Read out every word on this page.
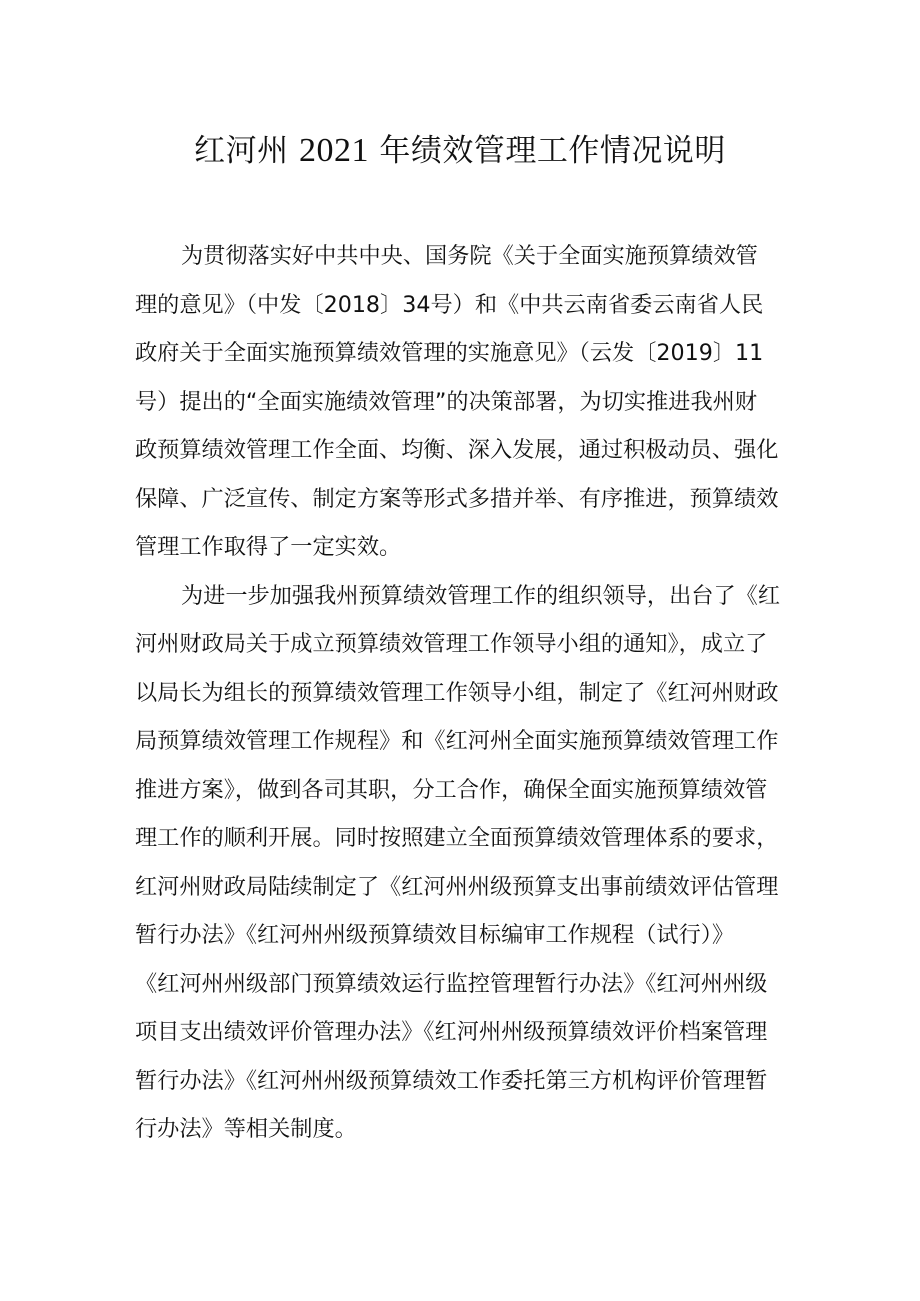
红河州 2021 年绩效管理工作情况说明
为贯彻落实好中共中央、国务院《关于全面实施预算绩效管
理的意见》（中发〔2018〕34号）和《中共云南省委云南省人民
政府关于全面实施预算绩效管理的实施意见》（云发〔2019〕11
号）提出的“全面实施绩效管理”的决策部署，为切实推进我州财
政预算绩效管理工作全面、均衡、深入发展，通过积极动员、强化
保障、广泛宣传、制定方案等形式多措并举、有序推进，预算绩效
管理工作取得了一定实效。
为进一步加强我州预算绩效管理工作的组织领导，出台了《红
河州财政局关于成立预算绩效管理工作领导小组的通知》，成立了
以局长为组长的预算绩效管理工作领导小组，制定了《红河州财政
局预算绩效管理工作规程》和《红河州全面实施预算绩效管理工作
推进方案》，做到各司其职，分工合作，确保全面实施预算绩效管
理工作的顺利开展。同时按照建立全面预算绩效管理体系的要求，
红河州财政局陆续制定了《红河州州级预算支出事前绩效评估管理
暂行办法》《红河州州级预算绩效目标编审工作规程（试行）》
《红河州州级部门预算绩效运行监控管理暂行办法》《红河州州级
项目支出绩效评价管理办法》《红河州州级预算绩效评价档案管理
暂行办法》《红河州州级预算绩效工作委托第三方机构评价管理暂
行办法》等相关制度。
